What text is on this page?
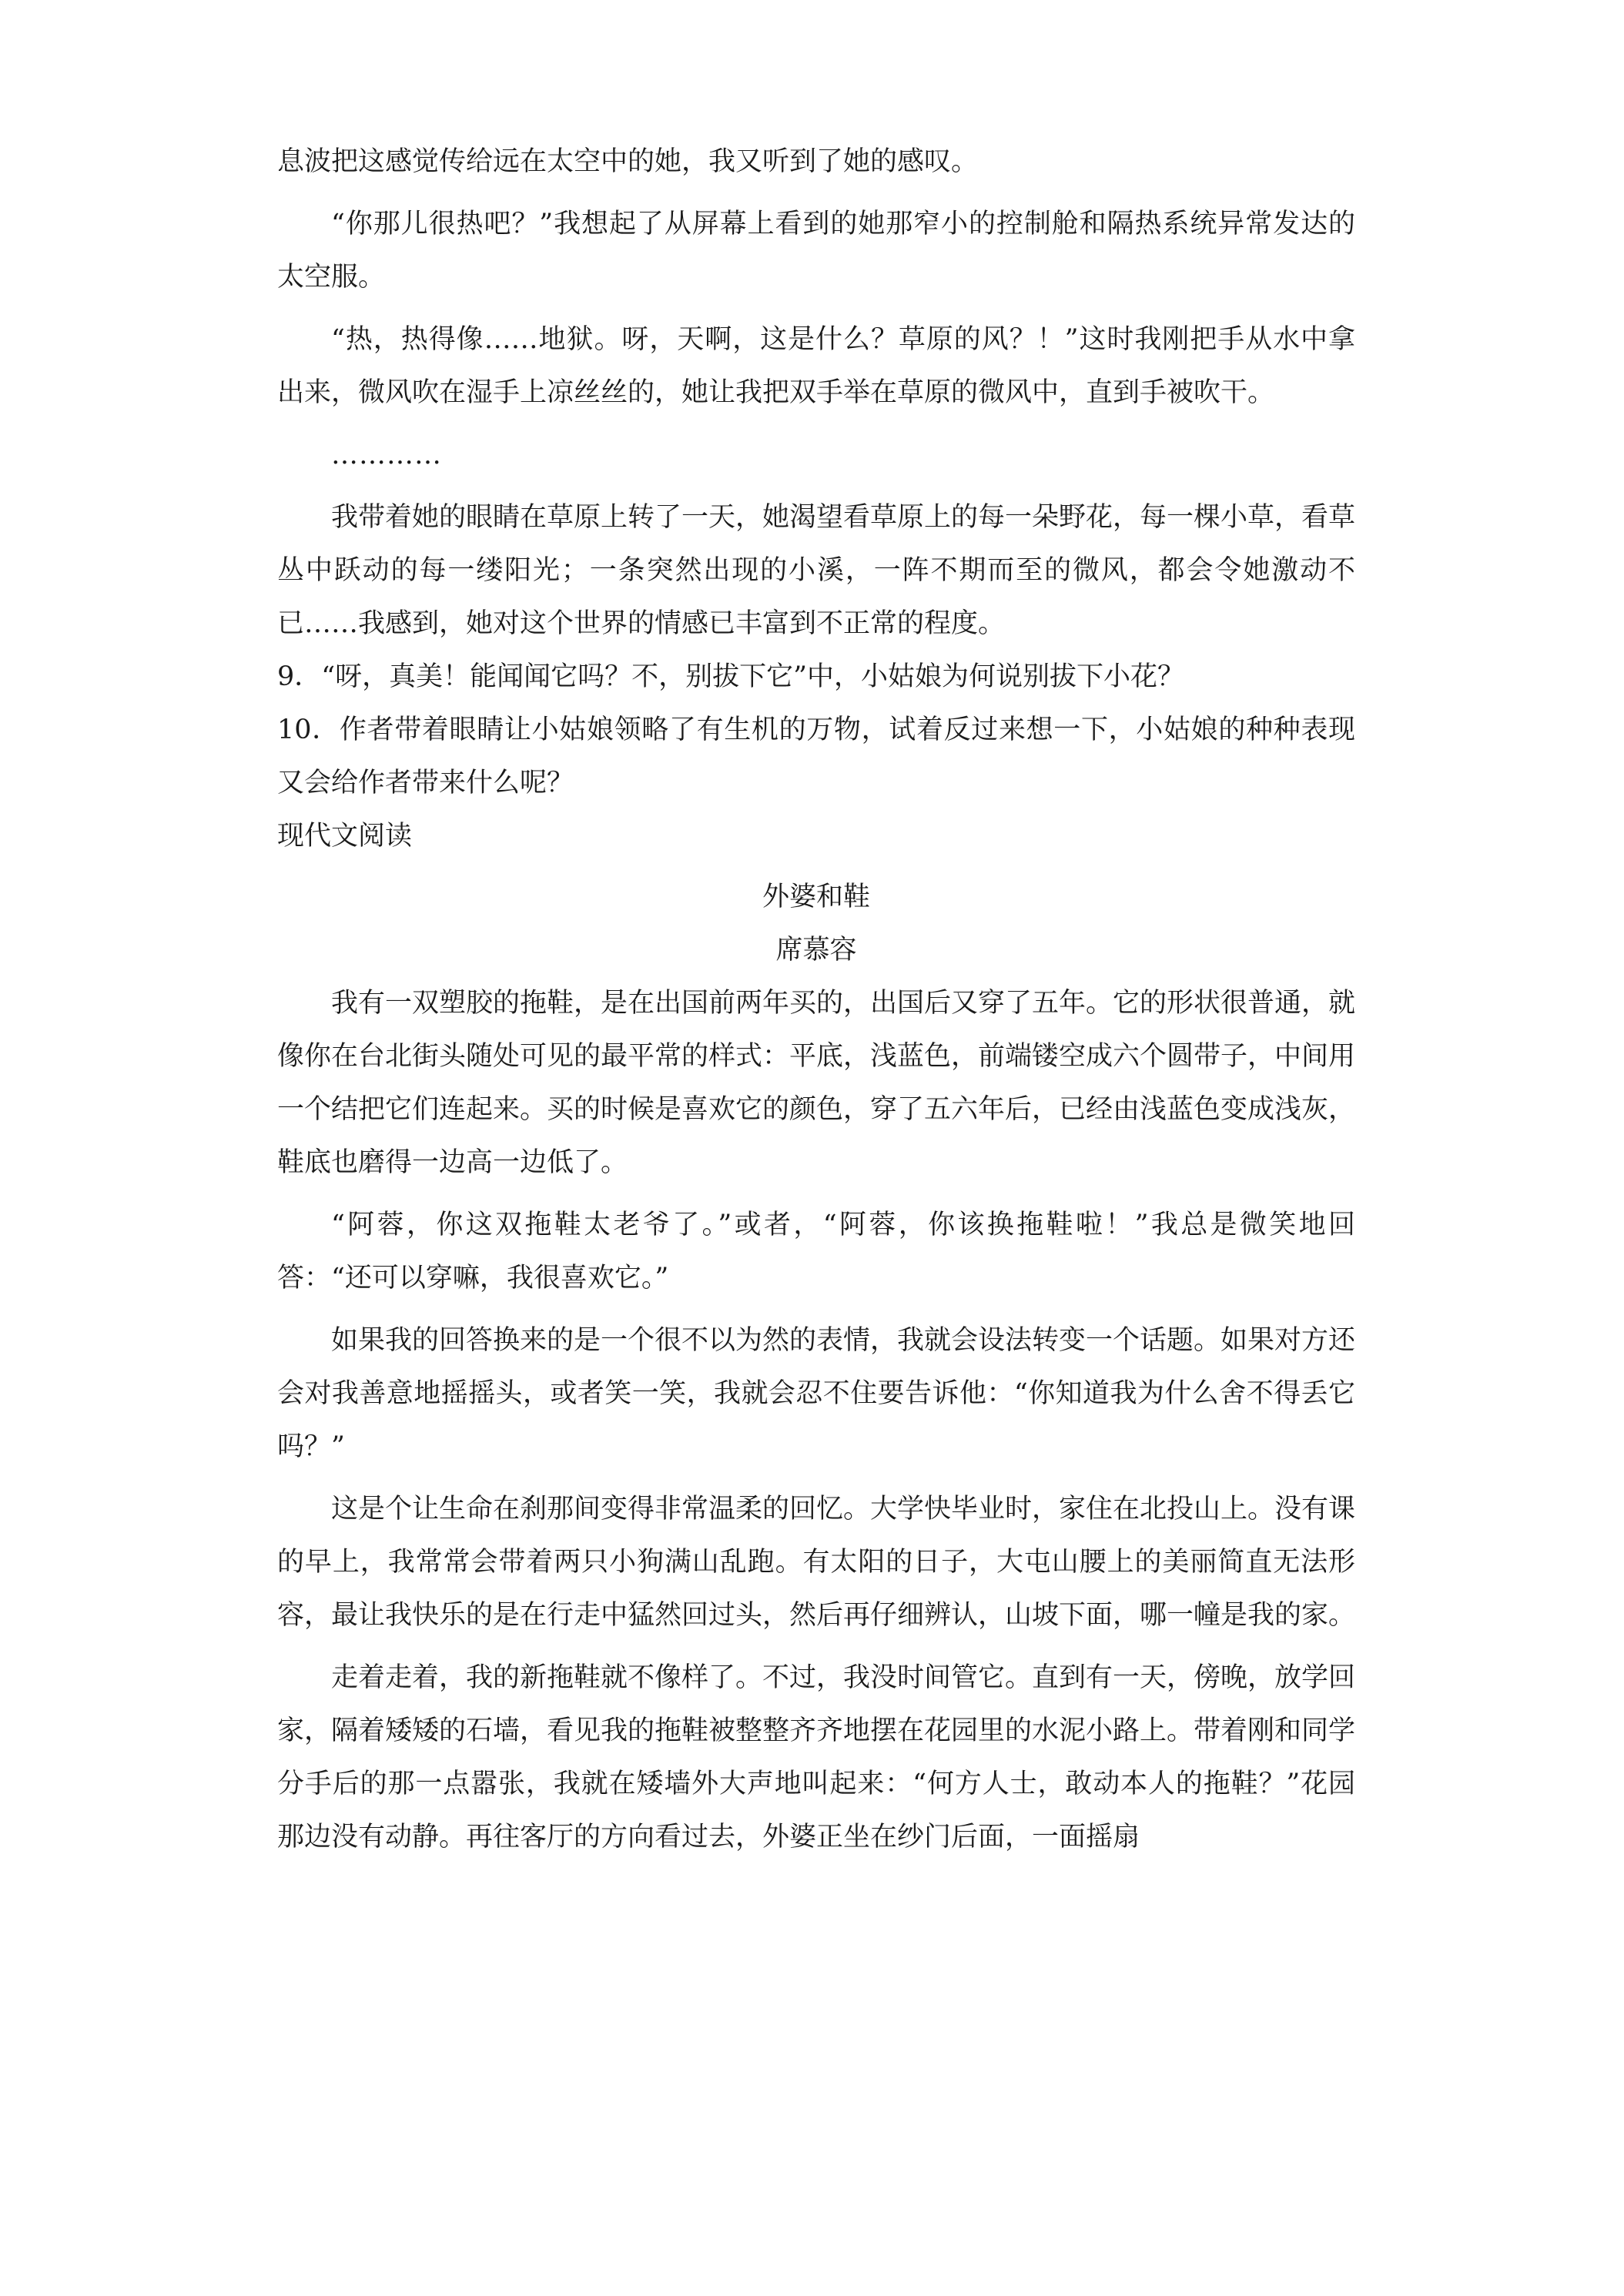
息波把这感觉传给远在太空中的她，我又听到了她的感叹。

“你那儿很热吧？”我想起了从屏幕上看到的她那窄小的控制舱和隔热系统异常发达的太空服。

“热，热得像……地狱。呀，天啊，这是什么？草原的风？！”这时我刚把手从水中拿出来，微风吹在湿手上凉丝丝的，她让我把双手举在草原的微风中，直到手被吹干。

…………

我带着她的眼睛在草原上转了一天，她渴望看草原上的每一朵野花，每一棵小草，看草丛中跃动的每一缕阳光；一条突然出现的小溪，一阵不期而至的微风，都会令她激动不已……我感到，她对这个世界的情感已丰富到不正常的程度。

9．“呀，真美！能闻闻它吗？不，别拔下它”中，小姑娘为何说别拔下小花？

10．作者带着眼睛让小姑娘领略了有生机的万物，试着反过来想一下，小姑娘的种种表现又会给作者带来什么呢？

现代文阅读

外婆和鞋

席慕容

我有一双塑胶的拖鞋，是在出国前两年买的，出国后又穿了五年。它的形状很普通，就像你在台北街头随处可见的最平常的样式：平底，浅蓝色，前端镂空成六个圆带子，中间用一个结把它们连起来。买的时候是喜欢它的颜色，穿了五六年后，已经由浅蓝色变成浅灰，鞋底也磨得一边高一边低了。

“阿蓉，你这双拖鞋太老爷了。”或者，“阿蓉，你该换拖鞋啦！”我总是微笑地回答：“还可以穿嘛，我很喜欢它。”

如果我的回答换来的是一个很不以为然的表情，我就会设法转变一个话题。如果对方还会对我善意地摇摇头，或者笑一笑，我就会忍不住要告诉他：“你知道我为什么舍不得丢它吗？”

这是个让生命在刹那间变得非常温柔的回忆。大学快毕业时，家住在北投山上。没有课的早上，我常常会带着两只小狗满山乱跑。有太阳的日子，大屯山腰上的美丽简直无法形容，最让我快乐的是在行走中猛然回过头，然后再仔细辨认，山坡下面，哪一幢是我的家。

走着走着，我的新拖鞋就不像样了。不过，我没时间管它。直到有一天，傍晚，放学回家，隔着矮矮的石墙，看见我的拖鞋被整整齐齐地摆在花园里的水泥小路上。带着刚和同学分手后的那一点嚣张，我就在矮墙外大声地叫起来：“何方人士，敢动本人的拖鞋？”花园那边没有动静。再往客厅的方向看过去，外婆正坐在纱门后面，一面摇扇
